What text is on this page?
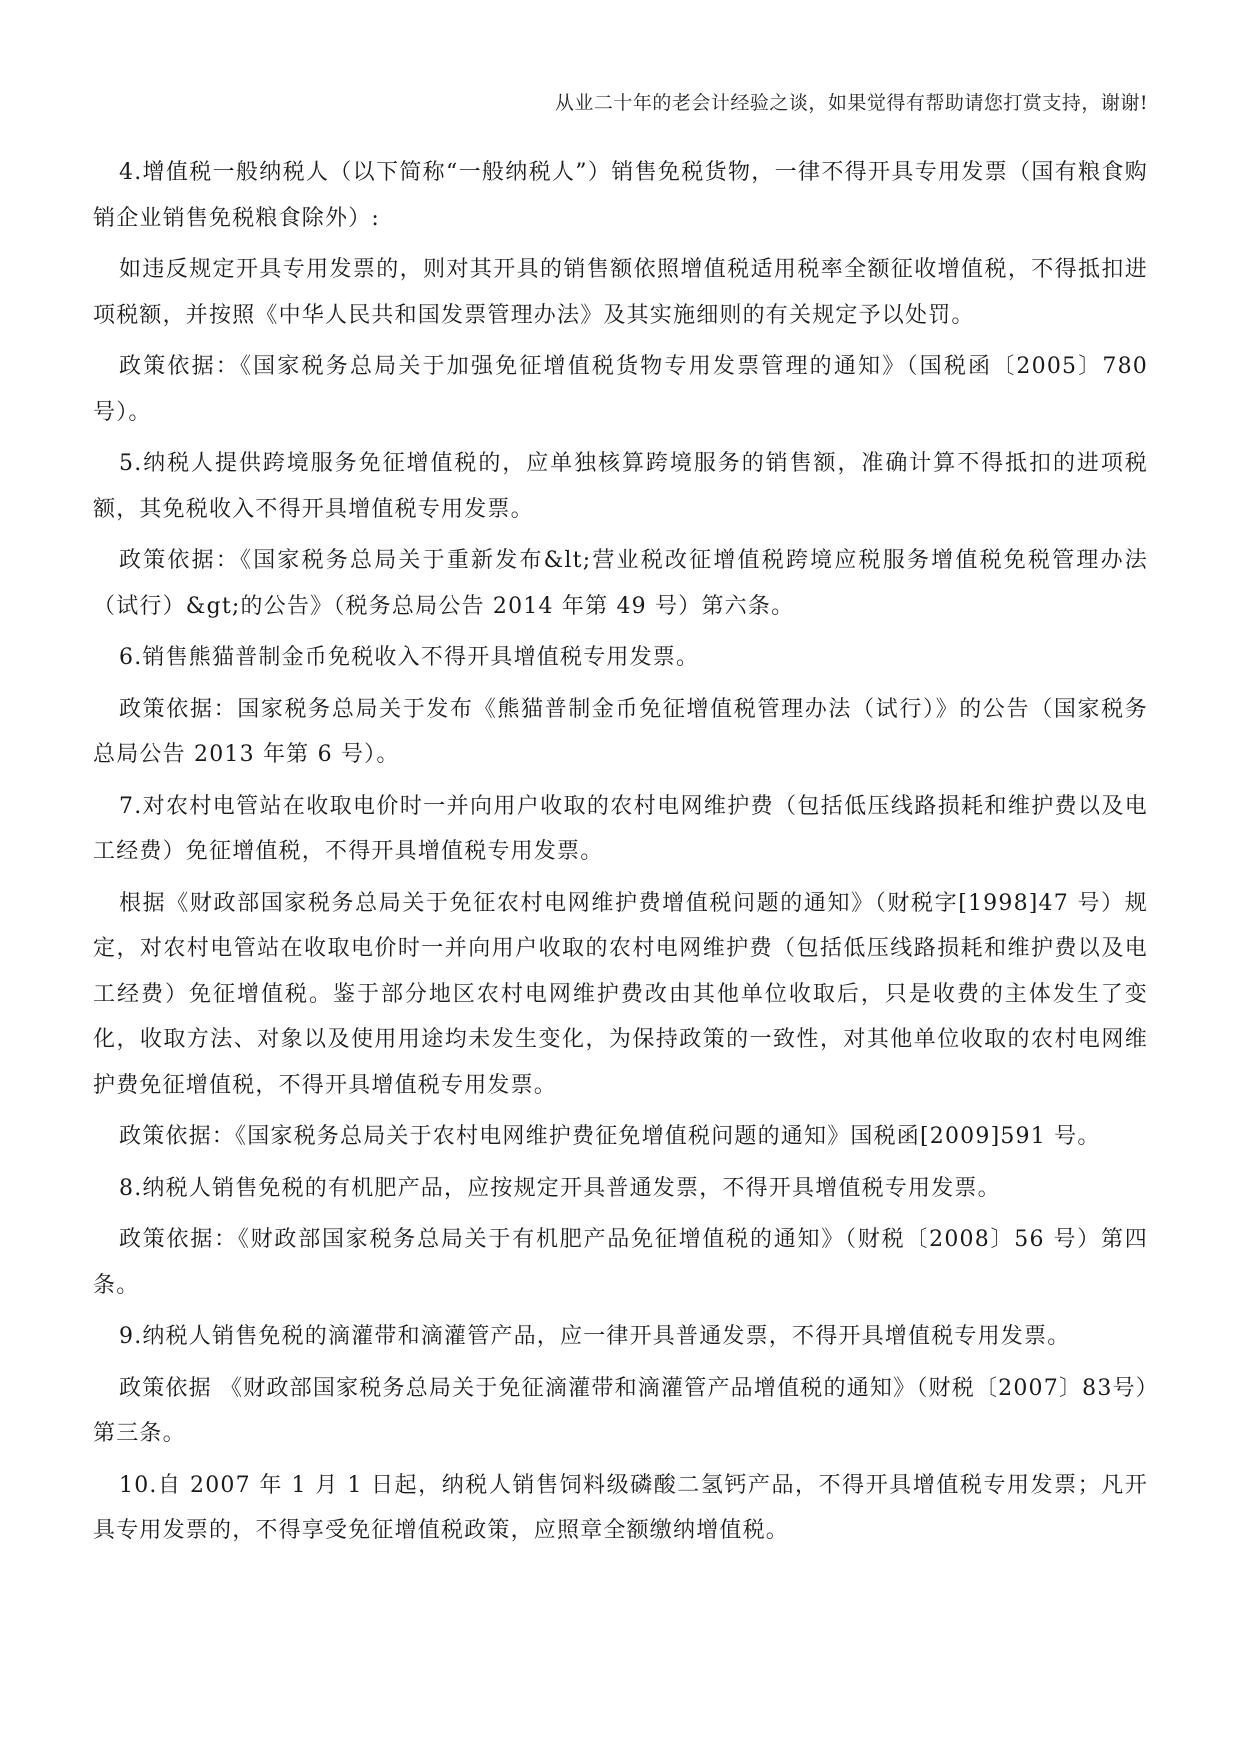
从业二十年的老会计经验之谈，如果觉得有帮助请您打赏支持，谢谢!

4.增值税一般纳税人（以下简称“一般纳税人”）销售免税货物，一律不得开具专用发票（国有粮食购销企业销售免税粮食除外）:

如违反规定开具专用发票的，则对其开具的销售额依照增值税适用税率全额征收增值税，不得抵扣进项税额，并按照《中华人民共和国发票管理办法》及其实施细则的有关规定予以处罚。

政策依据：《国家税务总局关于加强免征增值税货物专用发票管理的通知》（国税函〔2005〕780号）。

5.纳税人提供跨境服务免征增值税的，应单独核算跨境服务的销售额，准确计算不得抵扣的进项税额，其免税收入不得开具增值税专用发票。

政策依据：《国家税务总局关于重新发布&lt;营业税改征增值税跨境应税服务增值税免税管理办法（试行）&gt;的公告》（税务总局公告 2014 年第 49 号）第六条。

6.销售熊猫普制金币免税收入不得开具增值税专用发票。

政策依据：国家税务总局关于发布《熊猫普制金币免征增值税管理办法（试行）》的公告（国家税务总局公告 2013 年第 6 号）。

7.对农村电管站在收取电价时一并向用户收取的农村电网维护费（包括低压线路损耗和维护费以及电工经费）免征增值税，不得开具增值税专用发票。

根据《财政部国家税务总局关于免征农村电网维护费增值税问题的通知》（财税字[1998]47 号）规定，对农村电管站在收取电价时一并向用户收取的农村电网维护费（包括低压线路损耗和维护费以及电工经费）免征增值税。鉴于部分地区农村电网维护费改由其他单位收取后，只是收费的主体发生了变化，收取方法、对象以及使用用途均未发生变化，为保持政策的一致性，对其他单位收取的农村电网维护费免征增值税，不得开具增值税专用发票。

政策依据：《国家税务总局关于农村电网维护费征免增值税问题的通知》国税函[2009]591 号。

8.纳税人销售免税的有机肥产品，应按规定开具普通发票，不得开具增值税专用发票。

政策依据：《财政部国家税务总局关于有机肥产品免征增值税的通知》（财税〔2008〕56 号）第四条。

9.纳税人销售免税的滴灌带和滴灌管产品，应一律开具普通发票，不得开具增值税专用发票。

政策依据 《财政部国家税务总局关于免征滴灌带和滴灌管产品增值税的通知》（财税〔2007〕83号）第三条。

10.自 2007 年 1 月 1 日起，纳税人销售饲料级磷酸二氢钙产品，不得开具增值税专用发票；凡开具专用发票的，不得享受免征增值税政策，应照章全额缴纳增值税。
